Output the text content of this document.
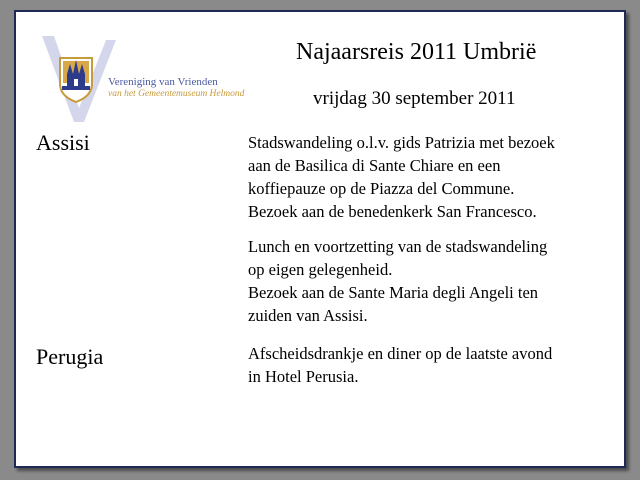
Vereniging van Vrienden
van het Gemeentemuseum Helmond
Najaarsreis 2011 Umbrië
vrijdag 30 september 2011
Assisi	Stadswandeling o.l.v. gids Patrizia met bezoek
aan de Basilica di Sante Chiare en een
koffiepauze op de Piazza del Commune.
Bezoek aan de benedenkerk San Francesco.
Lunch en voortzetting van de stadswandeling
op eigen gelegenheid.
Bezoek aan de Sante Maria degli Angeli ten
zuiden van Assisi.
Perugia	Afscheidsdrankje en diner op de laatste avond
in Hotel Perusia.
